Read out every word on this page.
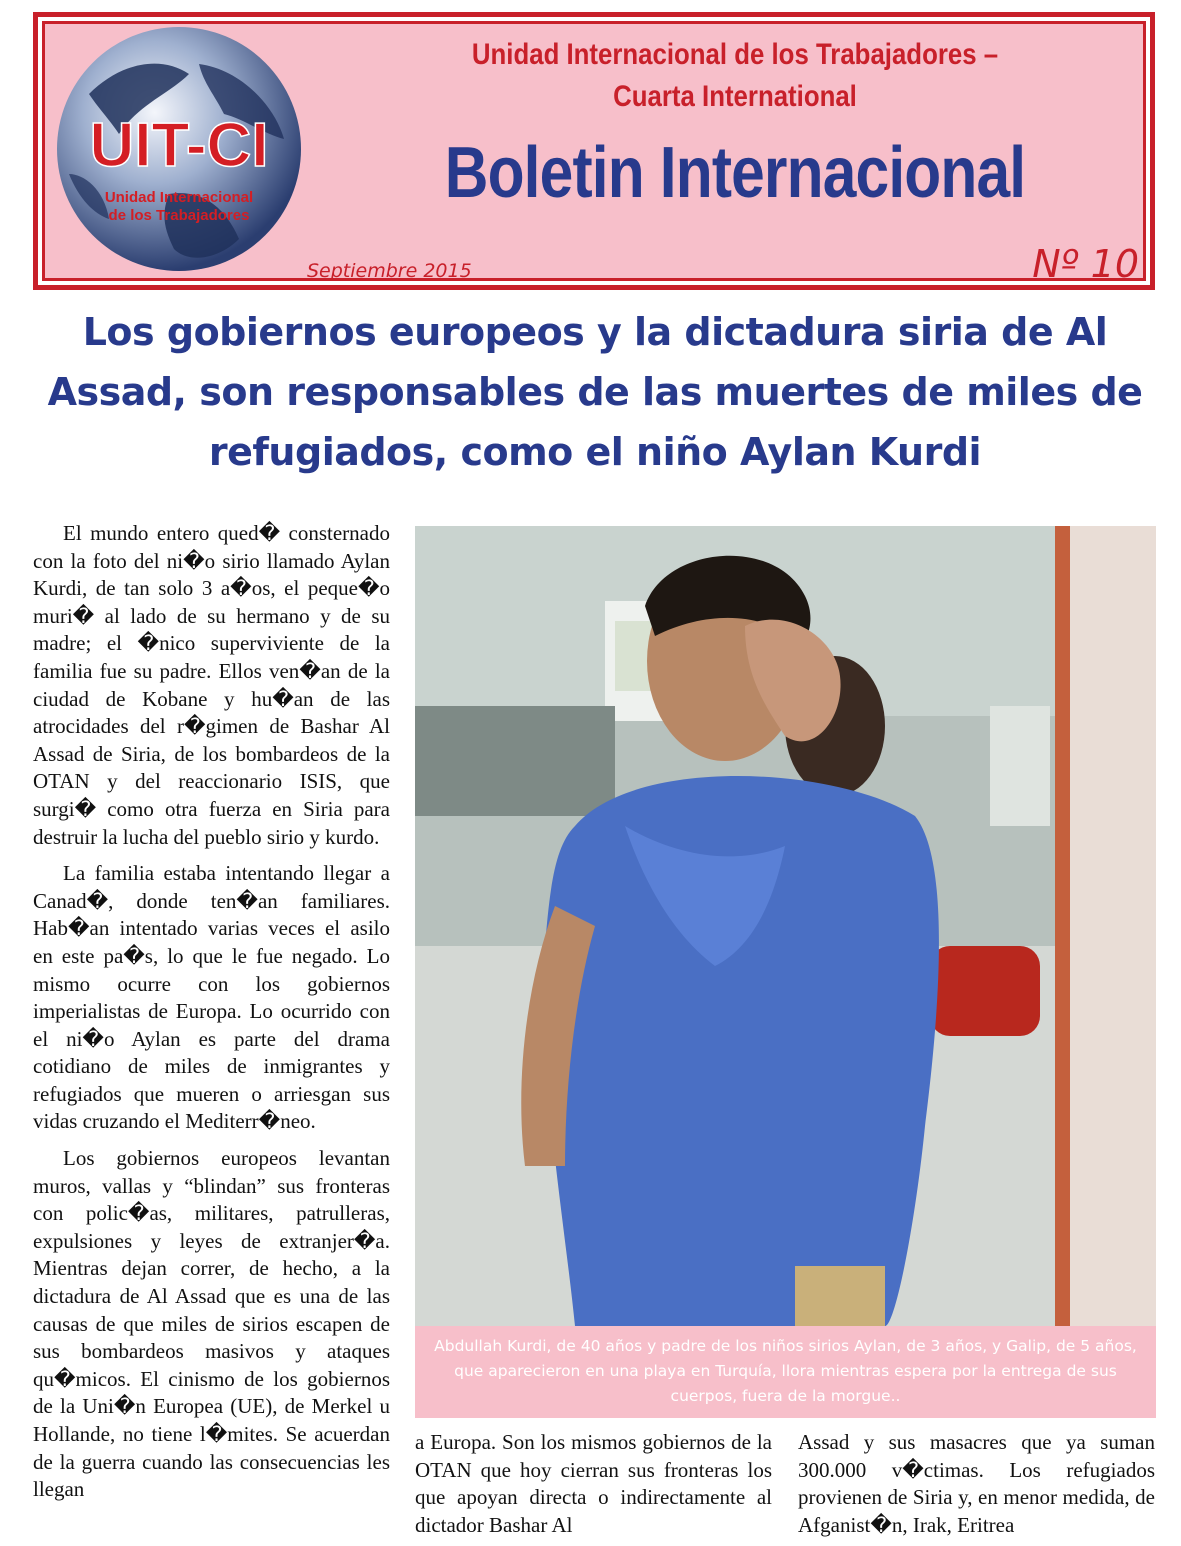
UIT-CI
Unidad Internacional
de los Trabajadores
Unidad Internacional de los Trabajadores –
Cuarta International
Boletin Internacional
Septiembre 2015	Nº 10
Los gobiernos europeos y la dictadura siria de Al Assad, son responsables de las muertes de miles de refugiados, como el niño Aylan Kurdi

El mundo entero qued� consternado con la foto del ni�o sirio llamado Aylan Kurdi, de tan solo 3 a�os, el peque�o muri� al lado de su hermano y de su madre; el �nico superviviente de la familia fue su padre. Ellos ven�an de la ciudad de Kobane y hu�an de las atrocidades del r�gimen de Bashar Al Assad de Siria, de los bombardeos de la OTAN y del reaccionario ISIS, que surgi� como otra fuerza en Siria para destruir la lucha del pueblo sirio y kurdo.

La familia estaba intentando llegar a Canad�, donde ten�an familiares. Hab�an intentado varias veces el asilo en este pa�s, lo que le fue negado. Lo mismo ocurre con los gobiernos imperialistas de Europa. Lo ocurrido con el ni�o Aylan es parte del drama cotidiano de miles de inmigrantes y refugiados que mueren o arriesgan sus vidas cruzando el Mediterr�neo.

Los gobiernos europeos levantan muros, vallas y “blindan” sus fronteras con polic�as, militares, patrulleras, expulsiones y leyes de extranjer�a. Mientras dejan correr, de hecho, a la dictadura de Al Assad que es una de las causas de que miles de sirios escapen de sus bombardeos masivos y ataques qu�micos. El cinismo de los gobiernos de la Uni�n Europea (UE), de Merkel u Hollande, no tiene l�mites. Se acuerdan de la guerra cuando las consecuencias les llegan

Abdullah Kurdi, de 40 años y padre de los niños sirios Aylan, de 3 años, y Galip, de 5 años, que aparecieron en una playa en Turquía, llora mientras espera por la entrega de sus cuerpos, fuera de la morgue..

a Europa. Son los mismos gobiernos de la OTAN que hoy cierran sus fronteras los que apoyan directa o indirectamente al dictador Bashar Al

Assad y sus masacres que ya suman 300.000 v�ctimas. Los refugiados provienen de Siria y, en menor medida, de Afganist�n, Irak, Eritrea
